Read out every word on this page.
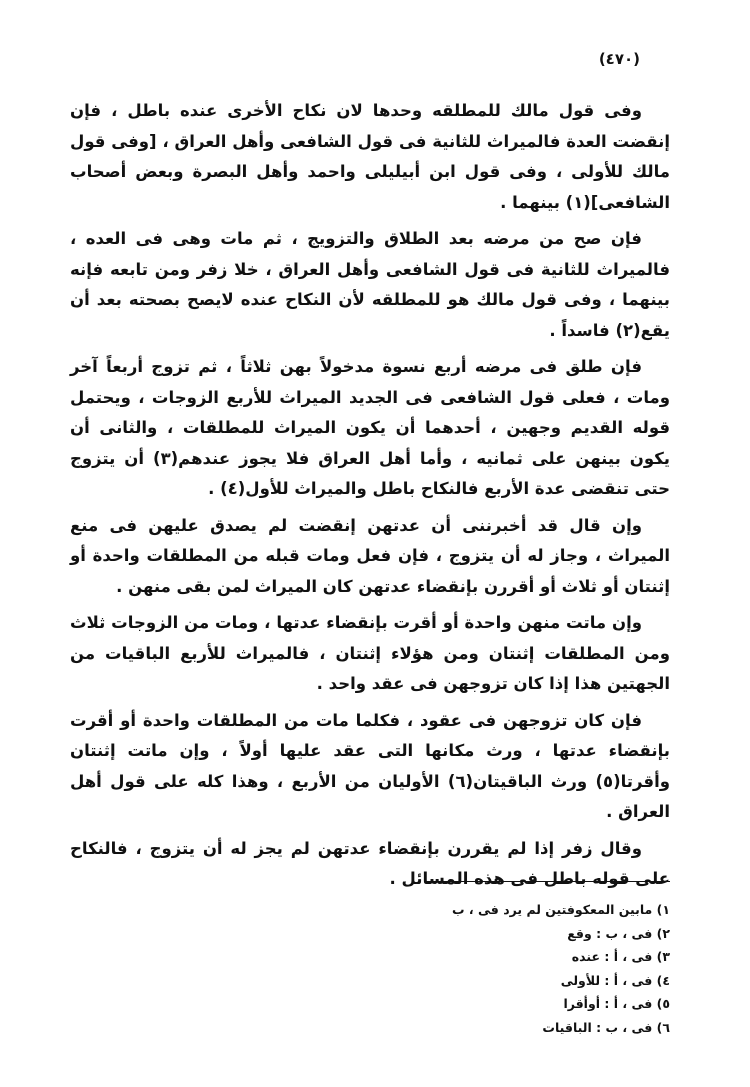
(٤٧٠)

وفى قول مالك للمطلقه وحدها لان نكاح الأخرى عنده باطل ، فإن إنقضت العدة فالميراث للثانية فى قول الشافعى وأهل العراق ، [وفى قول مالك للأولى ، وفى قول ابن أبيليلى واحمد وأهل البصرة وبعض أصحاب الشافعى](١) بينهما .

فإن صح من مرضه بعد الطلاق والتزويج ، ثم مات وهى فى العده ، فالميراث للثانية فى قول الشافعى وأهل العراق ، خلا زفر ومن تابعه فإنه بينهما ، وفى قول مالك هو للمطلقه لأن النكاح عنده لايصح بصحته بعد أن يقع(٢) فاسداً .

فإن طلق فى مرضه أربع نسوة مدخولاً بهن ثلاثاً ، ثم تزوج أربعاً آخر ومات ، فعلى قول الشافعى فى الجديد الميراث للأربع الزوجات ، ويحتمل قوله القديم وجهين ، أحدهما أن يكون الميراث للمطلقات ، والثانى أن يكون بينهن على ثمانيه ، وأما أهل العراق فلا يجوز عندهم(٣) أن يتزوج حتى تنقضى عدة الأربع فالنكاح باطل والميراث للأول(٤) .

وإن قال قد أخبرننى أن عدتهن إنقضت لم يصدق عليهن فى منع الميراث ، وجاز له أن يتزوج ، فإن فعل ومات قبله من المطلقات واحدة أو إثنتان أو ثلاث أو أقررن بإنقضاء عدتهن كان الميراث لمن بقى منهن .

وإن ماتت منهن واحدة أو أقرت بإنقضاء عدتها ، ومات من الزوجات ثلاث ومن المطلقات إثنتان ومن هؤلاء إثنتان ، فالميراث للأربع الباقيات من الجهتين هذا إذا كان تزوجهن فى عقد واحد .

فإن كان تزوجهن فى عقود ، فكلما مات من المطلقات واحدة أو أقرت بإنقضاء عدتها ، ورث مكانها التى عقد عليها أولاً ، وإن ماتت إثنتان وأقرتا(٥) ورث الباقيتان(٦) الأوليان من الأربع ، وهذا كله على قول أهل العراق .

وقال زفر إذا لم يقررن بإنقضاء عدتهن لم يجز له أن يتزوج ، فالنكاح على قوله باطل فى هذه المسائل .

١) مابين المعكوفتين لم يرد فى ، ب
٢) فى ، ب : وقع
٣) فى ، أ : عنده
٤) فى ، أ : للأولى
٥) فى ، أ : أوأقرا
٦) فى ، ب : الباقيات
